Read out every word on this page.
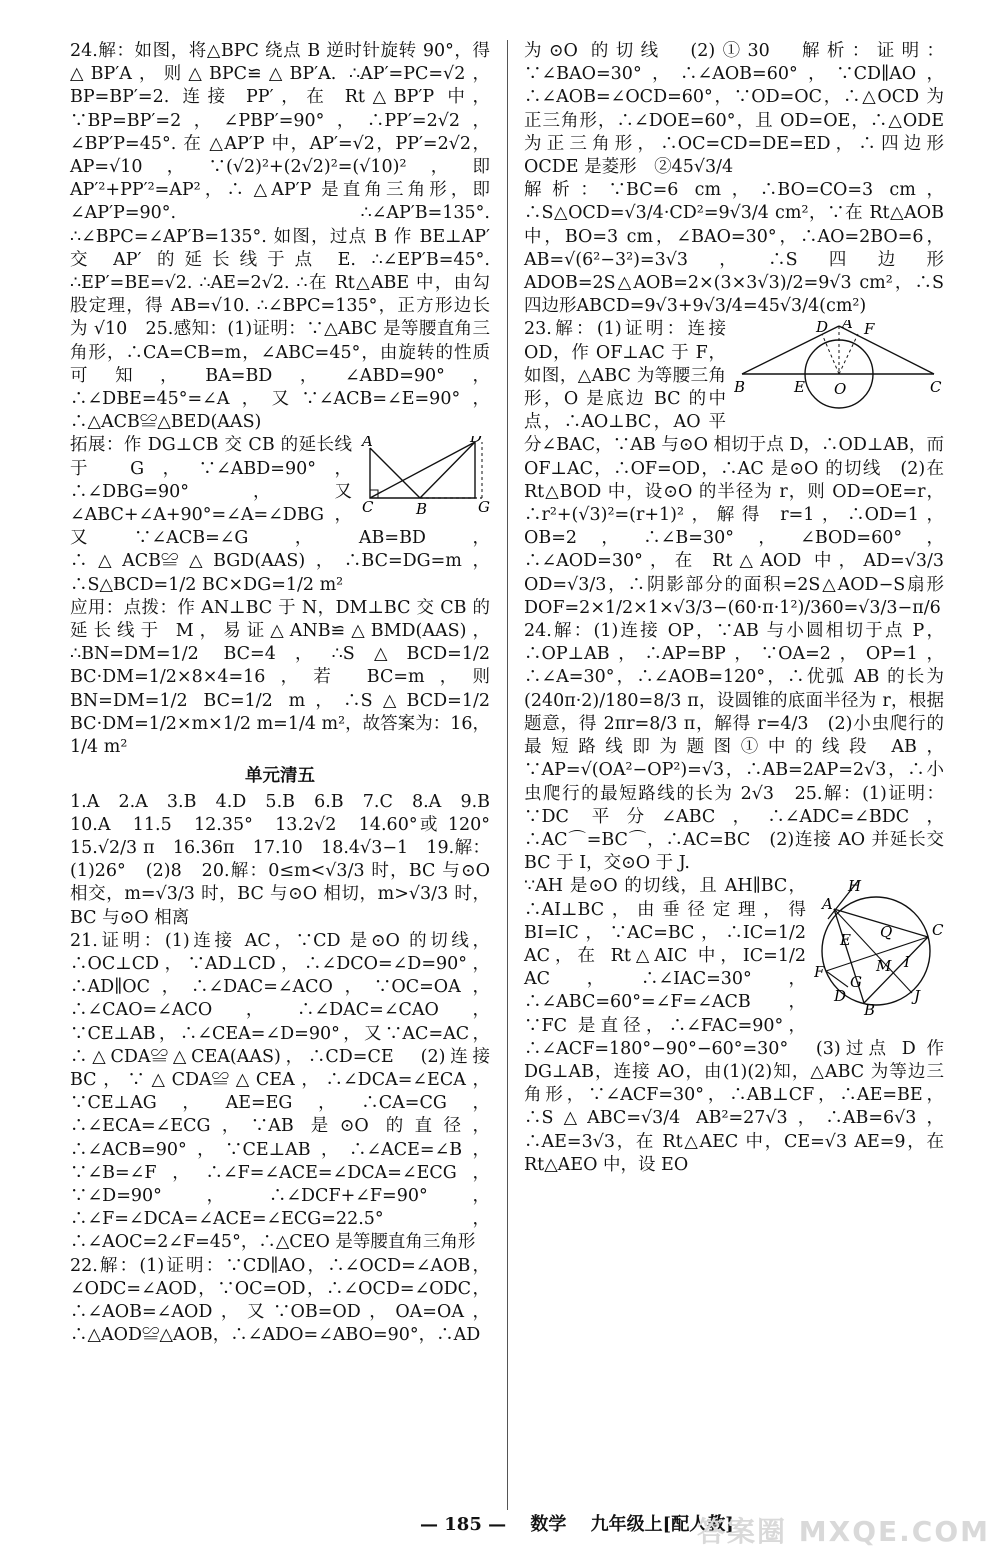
24.解：如图，将△BPC 绕点 B 逆时针旋转 90°，得 △BP′A，则△BPC≌△BP′A. ∴AP′=PC=√2，BP=BP′=2. 连接 PP′，在 Rt△BP′P 中，∵BP=BP′=2，∠PBP′=90°，∴PP′=2√2，∠BP′P=45°. 在 △AP′P 中，AP′=√2，PP′=2√2，AP=√10，∵(√2)²+(2√2)²=(√10)²，即 AP′²+PP′²=AP²，∴ △AP′P 是直角三角形，即∠AP′P=90°. ∴∠AP′B=135°. ∴∠BPC=∠AP′B=135°. 如图，过点 B 作 BE⊥AP′ 交 AP′ 的延长线于点 E. ∴∠EP′B=45°. ∴EP′=BE=√2. ∴AE=2√2. ∴在 Rt△ABE 中，由勾股定理，得 AB=√10. ∴∠BPC=135°，正方形边长为 √10　25.感知：(1)证明：∵△ABC 是等腰直角三角形，∴CA=CB=m，∠ABC=45°，由旋转的性质可知，BA=BD，∠ABD=90°，∴∠DBE=45°=∠A，又∵∠ACB=∠E=90°，∴△ACB≌△BED(AAS)

A	D
C	B	G

拓展：作 DG⊥CB 交 CB 的延长线于 G，∵∠ABD=90°，∴∠DBG=90°，又∠ABC+∠A+90°=∠A=∠DBG，又∵∠ACB=∠G，AB=BD，∴△ACB≌△BGD(AAS)，∴BC=DG=m，∴S△BCD=1/2 BC×DG=1/2 m²

应用：点拨：作 AN⊥BC 于 N，DM⊥BC 交 CB 的延长线于 M，易证△ANB≌△BMD(AAS)，∴BN=DM=1/2 BC=4，∴S△BCD=1/2 BC·DM=1/2×8×4=16，若 BC=m，则 BN=DM=1/2 BC=1/2 m，∴S△BCD=1/2 BC·DM=1/2×m×1/2 m=1/4 m²，故答案为：16，1/4 m²

单元清五

1.A　2.A　3.B　4.D　5.B　6.B　7.C　8.A　9.B　10.A　11.5　12.35°　13.2√2　14.60°或 120°　15.√2/3 π　16.36π　17.10　18.4√3−1　19.解：(1)26°　(2)8　20.解：0≤m<√3/3 时，BC 与⊙O 相交，m=√3/3 时，BC 与⊙O 相切，m>√3/3 时，BC 与⊙O 相离

21.证明：(1)连接 AC，∵CD 是⊙O 的切线，∴OC⊥CD，∵AD⊥CD，∴∠DCO=∠D=90°，∴AD∥OC，∴∠DAC=∠ACO，∵OC=OA，∴∠CAO=∠ACO，∴∠DAC=∠CAO，∵CE⊥AB，∴∠CEA=∠D=90°，又∵AC=AC，∴△CDA≌△CEA(AAS)，∴CD=CE　(2)连接 BC，∵△CDA≌△CEA，∴∠DCA=∠ECA，∵CE⊥AG，AE=EG，∴CA=CG，∴∠ECA=∠ECG，∵AB 是⊙O 的直径，∴∠ACB=90°，∵CE⊥AB，∴∠ACE=∠B，∵∠B=∠F，∴∠F=∠ACE=∠DCA=∠ECG，∵∠D=90°，∴∠DCF+∠F=90°，∴∠F=∠DCA=∠ACE=∠ECG=22.5°，∴∠AOC=2∠F=45°，∴△CEO 是等腰直角三角形

22.解：(1)证明：∵CD∥AO，∴∠OCD=∠AOB，∠ODC=∠AOD，∵OC=OD，∴∠OCD=∠ODC，∴∠AOB=∠AOD，又∵OB=OD，OA=OA，∴△AOD≌△AOB，∴∠ADO=∠ABO=90°，∴AD

为⊙O 的切线　(2)①30　解析：证明：∵∠BAO=30°，∴∠AOB=60°，∵CD∥AO，∴∠AOB=∠OCD=60°，∵OD=OC，∴△OCD 为正三角形，∴∠DOE=60°，且 OD=OE，∴△ODE 为正三角形，∴OC=CD=DE=ED，∴四边形 OCDE 是菱形　②45√3/4

解析：∵BC=6 cm，∴BO=CO=3 cm，∴S△OCD=√3/4·CD²=9√3/4 cm²，∵在 Rt△AOB 中，BO=3 cm，∠BAO=30°，∴AO=2BO=6，AB=√(6²−3²)=3√3，∴S四边形ADOB=2S△AOB=2×(3×3√3)/2=9√3 cm²，∴S四边形ABCD=9√3+9√3/4=45√3/4(cm²)

D A F
B	E O	C

23.解：(1)证明：连接 OD，作 OF⊥AC 于 F，如图，△ABC 为等腰三角形，O 是底边 BC 的中点，∴AO⊥BC，AO 平分∠BAC，∵AB 与⊙O 相切于点 D，∴OD⊥AB，而 OF⊥AC，∴OF=OD，∴AC 是⊙O 的切线　(2)在 Rt△BOD 中，设⊙O 的半径为 r，则 OD=OE=r，∴r²+(√3)²=(r+1)²，解得 r=1，∴OD=1，OB=2，∴∠B=30°，∠BOD=60°，∴∠AOD=30°，在 Rt△AOD 中，AD=√3/3 OD=√3/3，∴阴影部分的面积=2S△AOD−S扇形DOF=2×1/2×1×√3/3−(60·π·1²)/360=√3/3−π/6

24.解：(1)连接 OP，∵AB 与小圆相切于点 P，∴OP⊥AB，∴AP=BP，∵OA=2，OP=1，∴∠A=30°，∴∠AOB=120°，∴优弧 AB 的长为 (240π·2)/180=8/3 π，设圆锥的底面半径为 r，根据题意，得 2πr=8/3 π，解得 r=4/3　(2)小虫爬行的最短路线即为题图①中的线段 AB，∵AP=√(OA²−OP²)=√3，∴AB=2AP=2√3，∴小虫爬行的最短路线的长为 2√3　25.解：(1)证明：∵DC 平分∠ABC，∴∠ADC=∠BDC，∴AC⌒=BC⌒，∴AC=BC　(2)连接 AO 并延长交 BC 于 I，交⊙O 于 J.

H
A
C
E Q
M I
F
G
D	J
B

∵AH 是⊙O 的切线，且 AH∥BC，∴AI⊥BC，由垂径定理，得 BI=IC，∵AC=BC，∴IC=1/2 AC，在 Rt△AIC 中，IC=1/2 AC，∴∠IAC=30°，∴∠ABC=60°=∠F=∠ACB，∵FC 是直径，∴∠FAC=90°，∴∠ACF=180°−90°−60°=30°　(3)过点 D 作 DG⊥AB，连接 AO，由(1)(2)知，△ABC 为等边三角形，∵∠ACF=30°，∴AB⊥CF，∴AE=BE，∴S△ABC=√3/4 AB²=27√3，∴AB=6√3，∴AE=3√3，在 Rt△AEC 中，CE=√3 AE=9，在 Rt△AEO 中，设 EO

— 185 — 数学 九年级上[配人教]
答案圈 MXQE.COM
